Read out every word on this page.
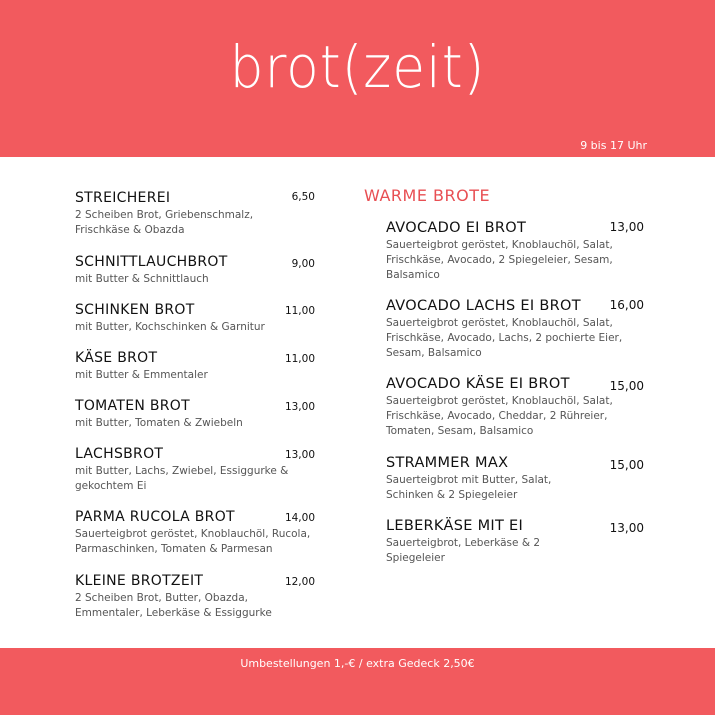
brot(zeit)
9 bis 17 Uhr
STREICHEREI	6,50
2 Scheiben Brot, Griebenschmalz, Frischkäse & Obazda
SCHNITTLAUCHBROT	9,00
mit Butter & Schnittlauch
SCHINKEN BROT	11,00
mit Butter, Kochschinken & Garnitur
KÄSE BROT	11,00
mit Butter & Emmentaler
TOMATEN BROT	13,00
mit Butter, Tomaten & Zwiebeln
LACHSBROT	13,00
mit Butter, Lachs, Zwiebel, Essiggurke & gekochtem Ei
PARMA RUCOLA BROT	14,00
Sauerteigbrot geröstet, Knoblauchöl, Rucola, Parmaschinken, Tomaten & Parmesan
KLEINE BROTZEIT	12,00
2 Scheiben Brot, Butter, Obazda, Emmentaler, Leberkäse & Essiggurke
WARME BROTE
AVOCADO EI BROT	13,00
Sauerteigbrot geröstet, Knoblauchöl, Salat, Frischkäse, Avocado, 2 Spiegeleier, Sesam, Balsamico
AVOCADO LACHS EI BROT	16,00
Sauerteigbrot geröstet, Knoblauchöl, Salat, Frischkäse, Avocado, Lachs, 2 pochierte Eier, Sesam, Balsamico
AVOCADO KÄSE EI BROT	15,00
Sauerteigbrot geröstet, Knoblauchöl, Salat, Frischkäse, Avocado, Cheddar, 2 Rühreier, Tomaten, Sesam, Balsamico
STRAMMER MAX	15,00
Sauerteigbrot mit Butter, Salat, Schinken & 2 Spiegeleier
LEBERKÄSE MIT EI	13,00
Sauerteigbrot, Leberkäse & 2 Spiegeleier
Umbestellungen 1,-€ / extra Gedeck 2,50€
